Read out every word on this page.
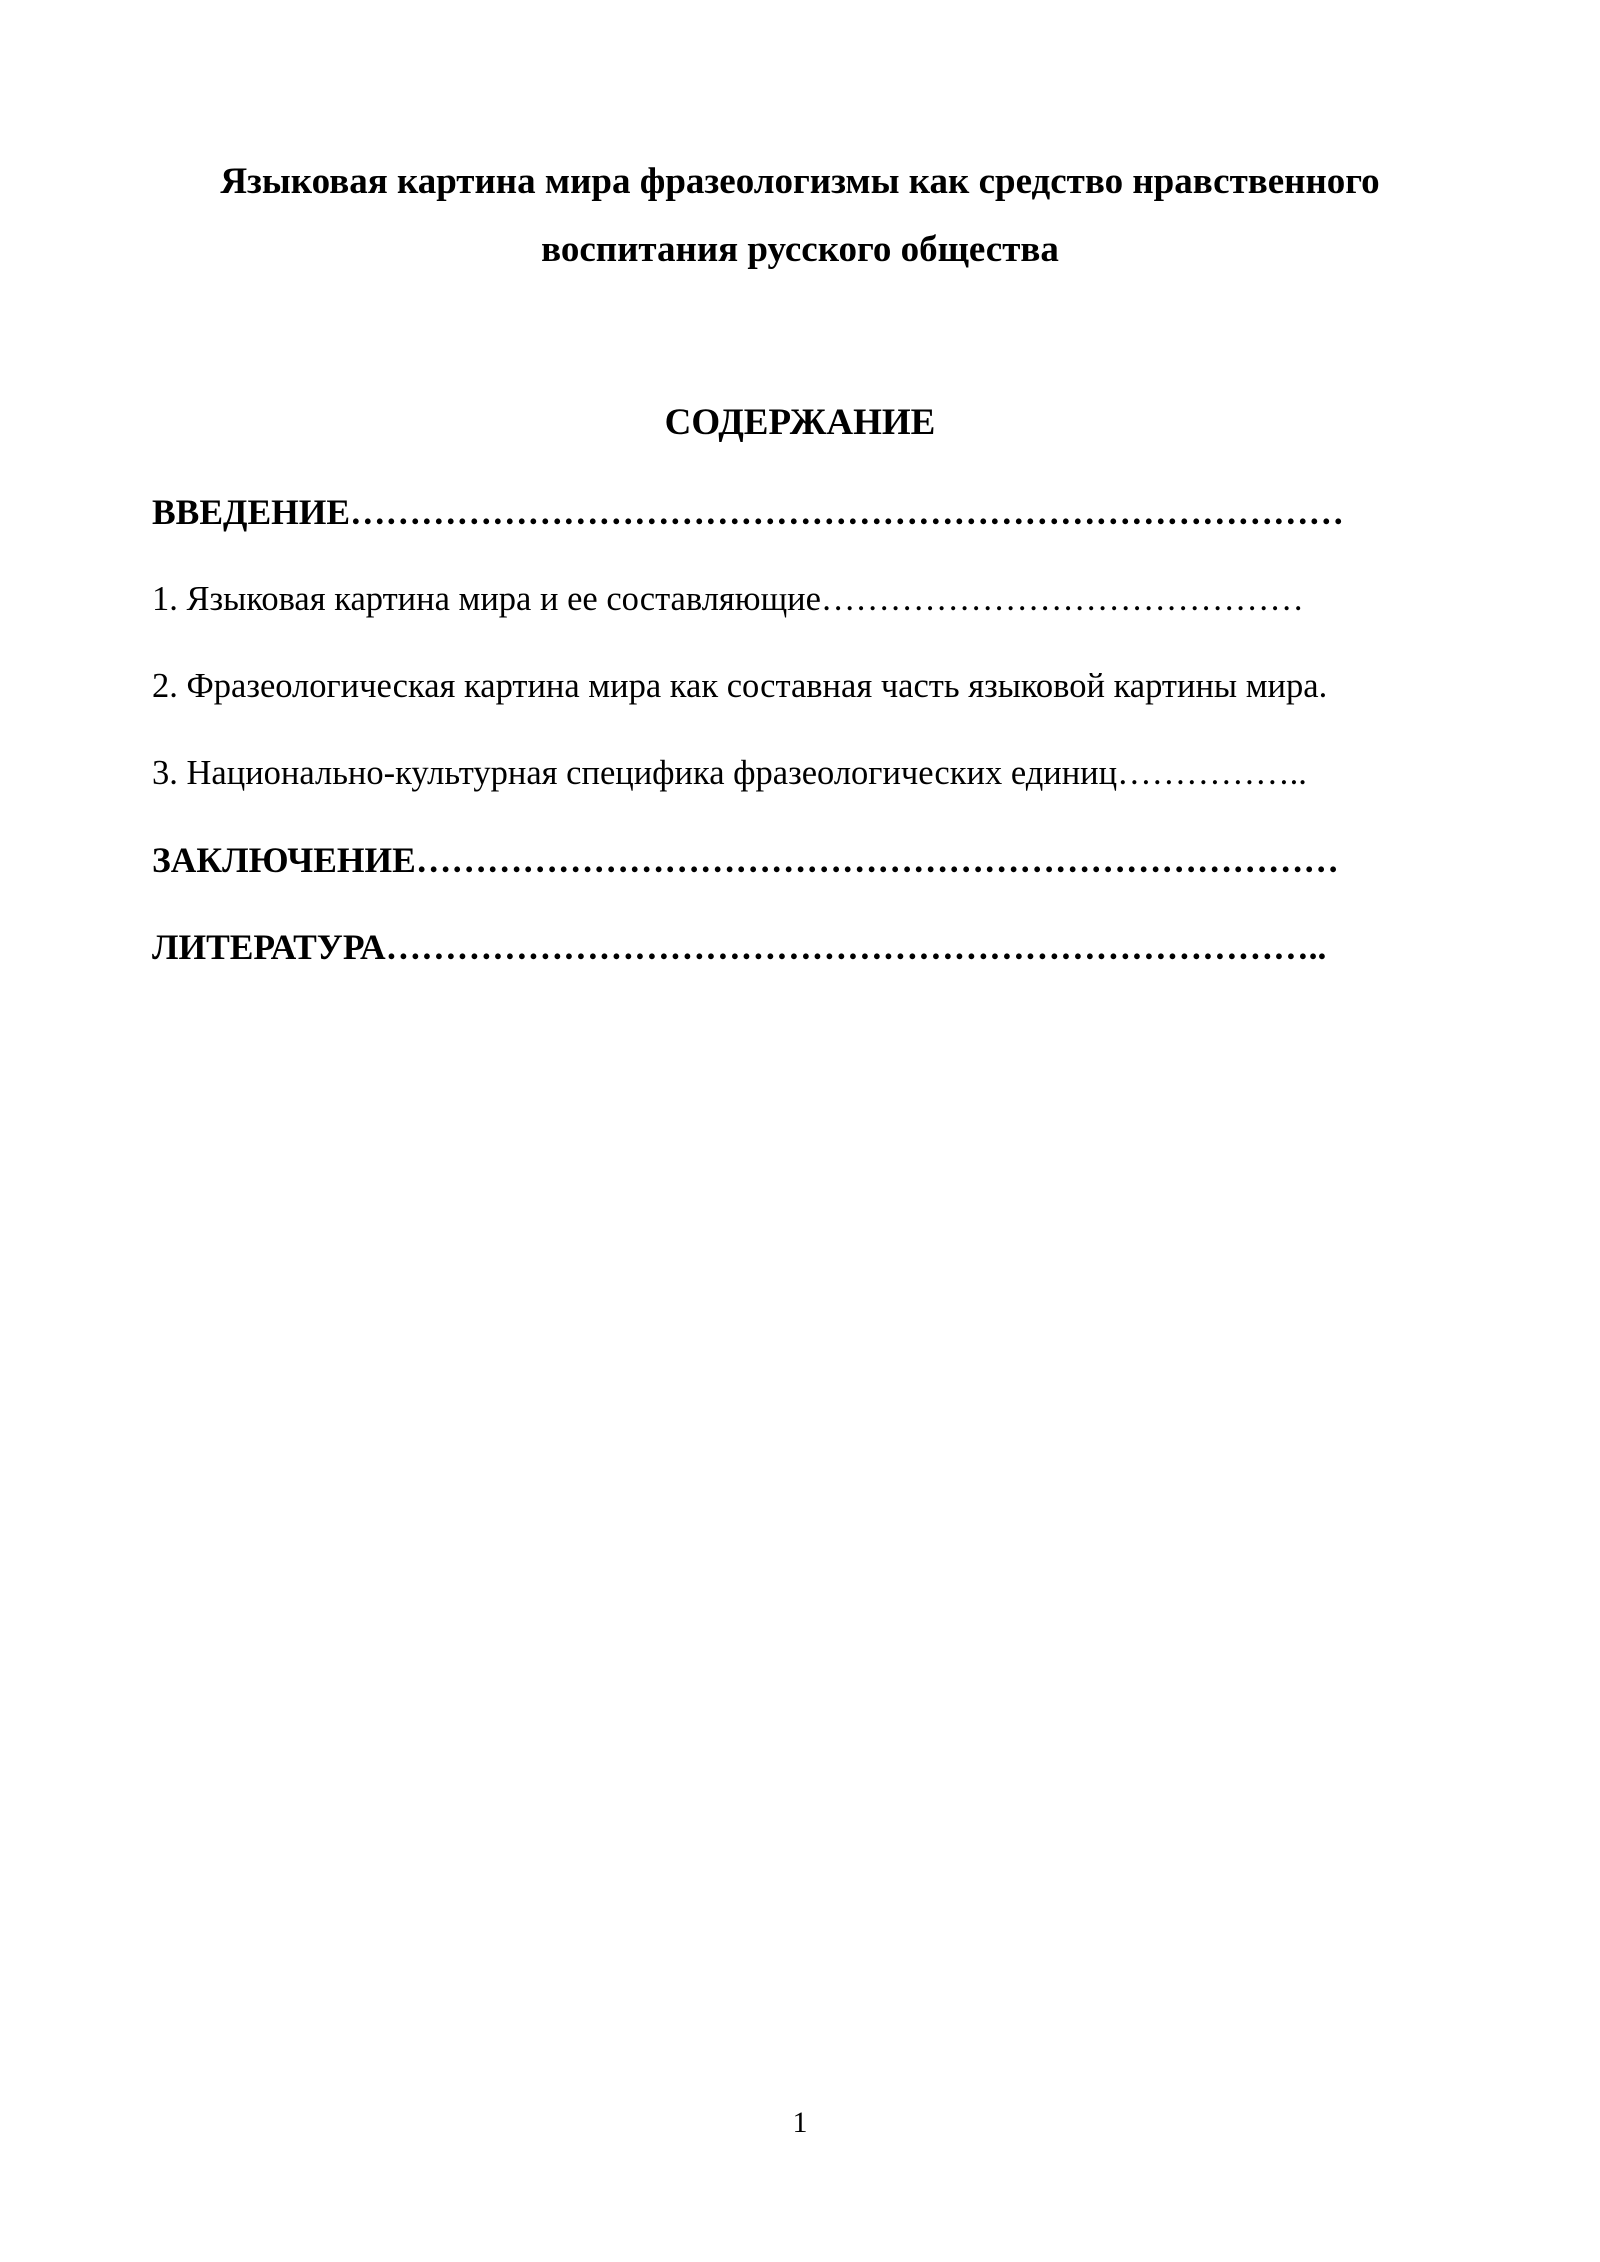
Языковая картина мира фразеологизмы как средство нравственного
воспитания русского общества
СОДЕРЖАНИЕ
ВВЕДЕНИЕ…………………………………………………………………………
1. Языковая картина мира и ее составляющие……………………………………
2. Фразеологическая картина мира как составная часть языковой картины мира.
3. Национально-культурная специфика фразеологических единиц……………..
ЗАКЛЮЧЕНИЕ……………………………………………………………………
ЛИТЕРАТУРА……………………………………………………………………..
1
